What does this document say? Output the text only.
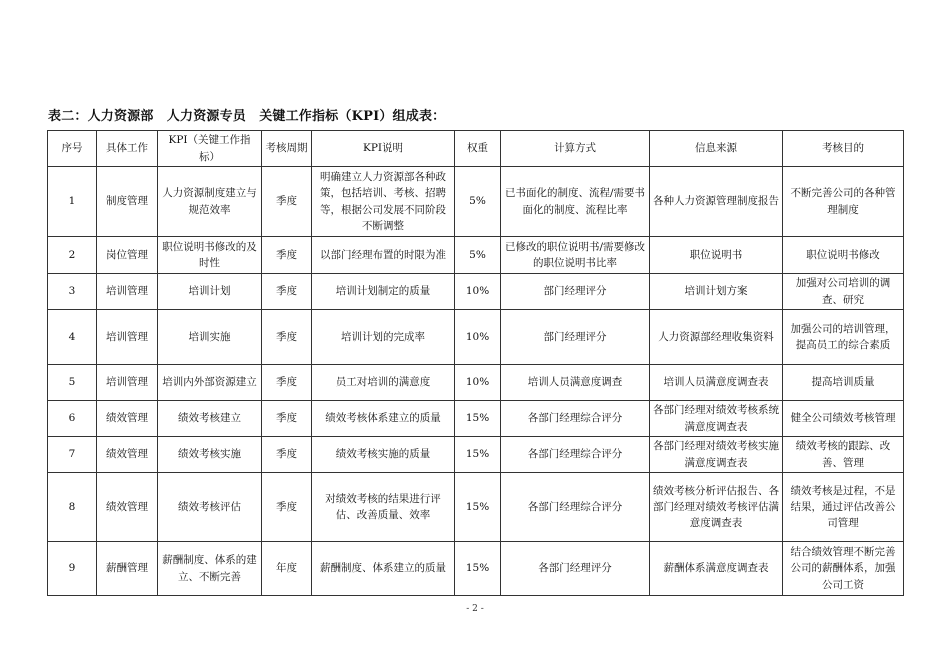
表二：人力资源部　人力资源专员　关键工作指标（KPI）组成表：
序号	具体工作	KPI（关键工作指标）	考核周期	KPI说明	权重	计算方式	信息来源	考核目的
1	制度管理	人力资源制度建立与规范效率	季度	明确建立人力资源部各种政策，包括培训、考核、招聘等，根据公司发展不同阶段不断调整	5%	已书面化的制度、流程/需要书面化的制度、流程比率	各种人力资源管理制度报告	不断完善公司的各种管理制度
2	岗位管理	职位说明书修改的及时性	季度	以部门经理布置的时限为准	5%	已修改的职位说明书/需要修改的职位说明书比率	职位说明书	职位说明书修改
3	培训管理	培训计划	季度	培训计划制定的质量	10%	部门经理评分	培训计划方案	加强对公司培训的调查、研究
4	培训管理	培训实施	季度	培训计划的完成率	10%	部门经理评分	人力资源部经理收集资料	加强公司的培训管理，提高员工的综合素质
5	培训管理	培训内外部资源建立	季度	员工对培训的满意度	10%	培训人员满意度调查	培训人员满意度调查表	提高培训质量
6	绩效管理	绩效考核建立	季度	绩效考核体系建立的质量	15%	各部门经理综合评分	各部门经理对绩效考核系统满意度调查表	健全公司绩效考核管理
7	绩效管理	绩效考核实施	季度	绩效考核实施的质量	15%	各部门经理综合评分	各部门经理对绩效考核实施满意度调查表	绩效考核的跟踪、改善、管理
8	绩效管理	绩效考核评估	季度	对绩效考核的结果进行评估、改善质量、效率	15%	各部门经理综合评分	绩效考核分析评估报告、各部门经理对绩效考核评估满意度调查表	绩效考核是过程，不是结果，通过评估改善公司管理
9	薪酬管理	薪酬制度、体系的建立、不断完善	年度	薪酬制度、体系建立的质量	15%	各部门经理评分	薪酬体系满意度调查表	结合绩效管理不断完善公司的薪酬体系，加强公司工资
- 2 -
